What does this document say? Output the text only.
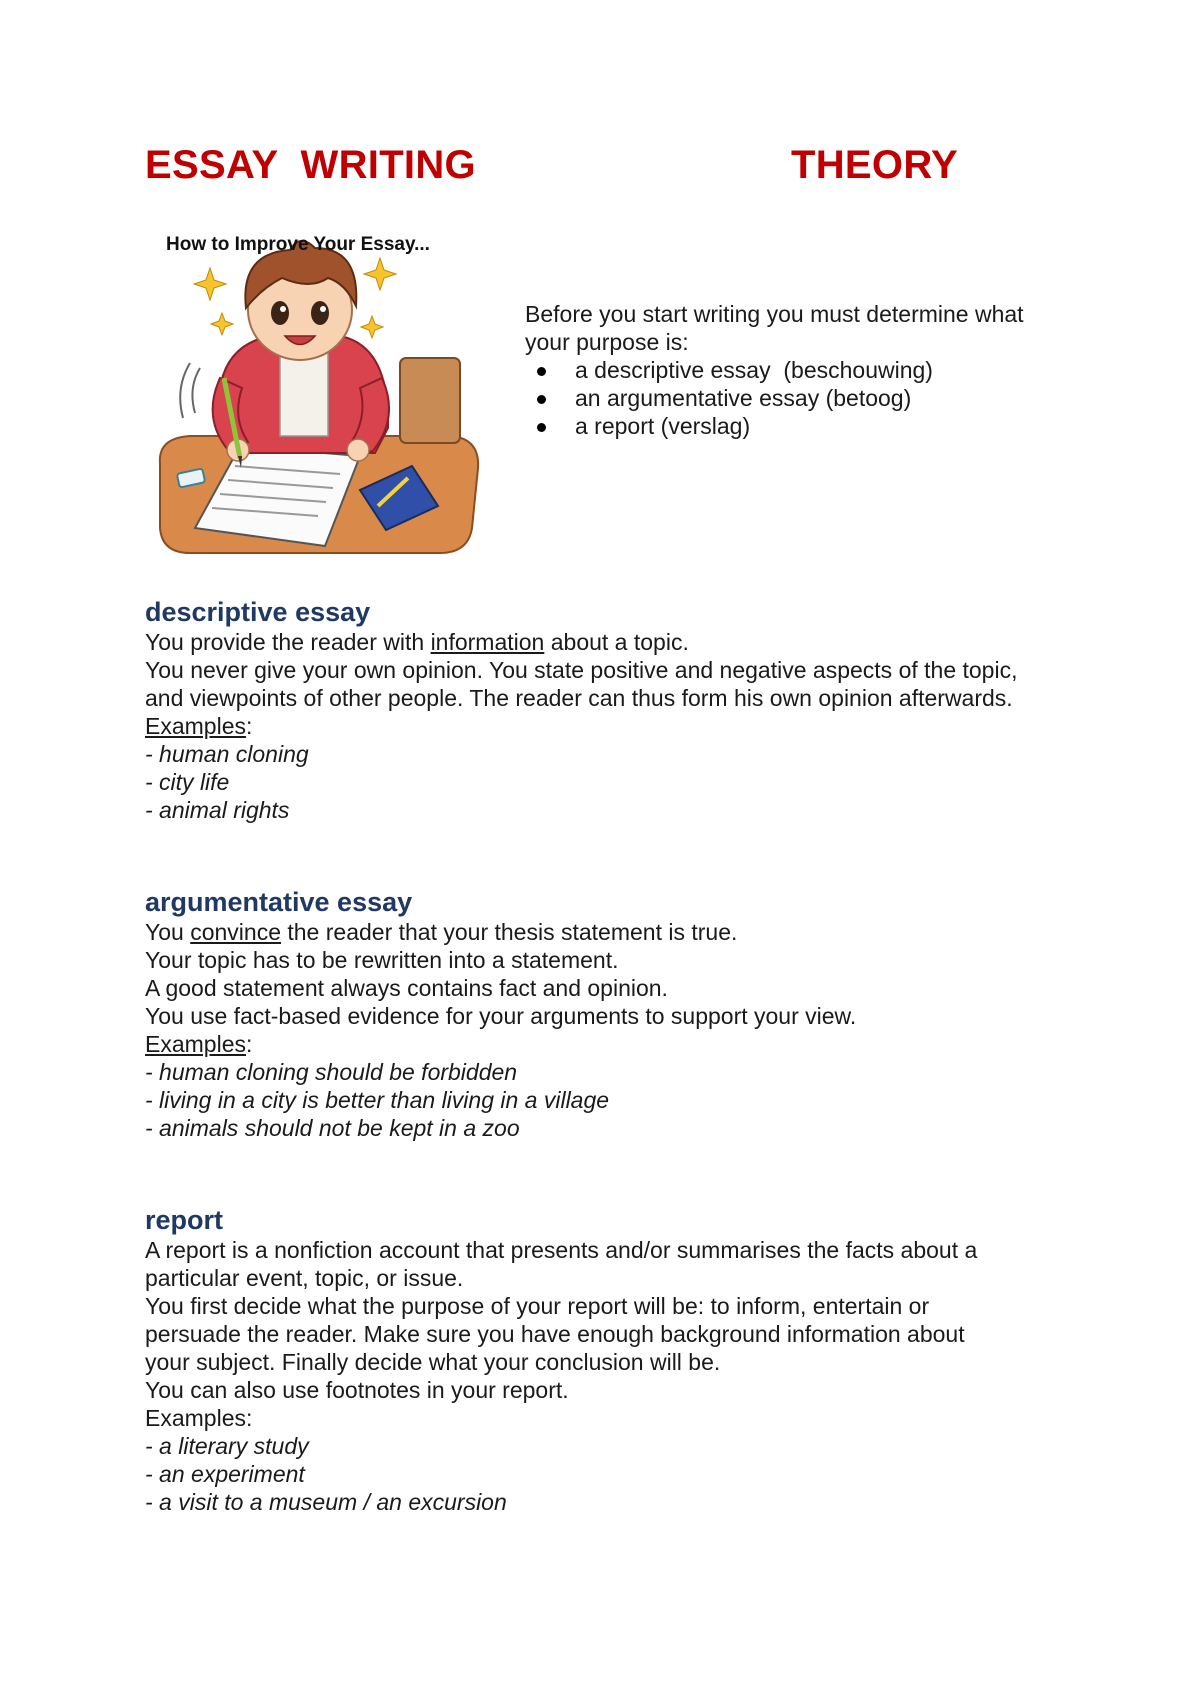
ESSAY  WRITING	THEORY

How to Improve Your Essay...

Before you start writing you must determine what

your purpose is:

a descriptive essay  (beschouwing)
an argumentative essay (betoog)
a report (verslag)
descriptive essay

You provide the reader with information about a topic.

You never give your own opinion. You state positive and negative aspects of the topic,

and viewpoints of other people. The reader can thus form his own opinion afterwards.

Examples:

- human cloning

- city life

- animal rights

argumentative essay

You convince the reader that your thesis statement is true.

Your topic has to be rewritten into a statement.

A good statement always contains fact and opinion.

You use fact-based evidence for your arguments to support your view.

Examples:

- human cloning should be forbidden

- living in a city is better than living in a village

- animals should not be kept in a zoo

report

A report is a nonfiction account that presents and/or summarises the facts about a

particular event, topic, or issue.

You first decide what the purpose of your report will be: to inform, entertain or

persuade the reader. Make sure you have enough background information about

your subject. Finally decide what your conclusion will be.

You can also use footnotes in your report.

Examples:

- a literary study

- an experiment

- a visit to a museum / an excursion
